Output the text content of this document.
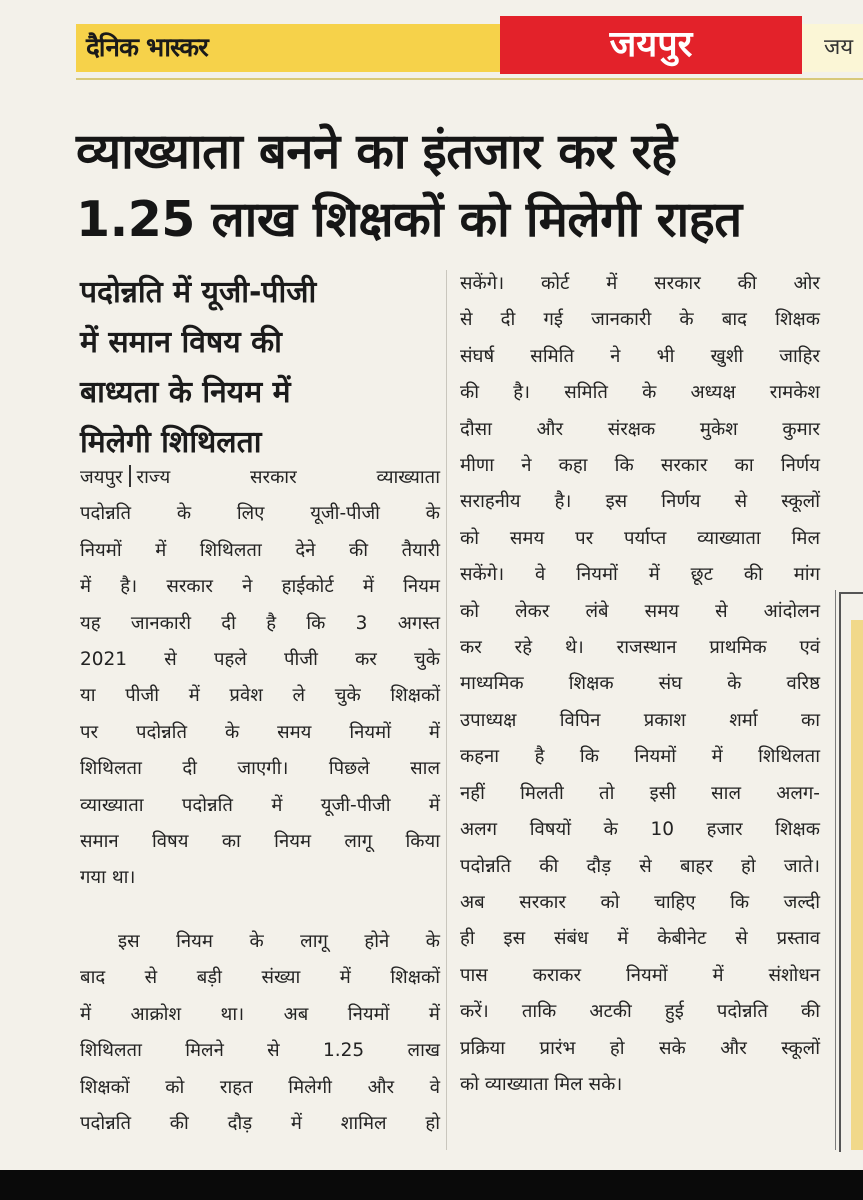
दैनिक भास्कर	जयपुर	जय
व्याख्याता बनने का इंतजार कर रहे
1.25 लाख शिक्षकों को मिलेगी राहत
पदोन्नति में यूजी-पीजी
में समान विषय की
बाध्यता के नियम में
मिलेगी शिथिलता
जयपुर राज्य सरकार व्याख्याता
पदोन्नति के लिए यूजी-पीजी के
नियमों में शिथिलता देने की तैयारी
में है। सरकार ने हाईकोर्ट में नियम
यह जानकारी दी है कि 3 अगस्त
2021 से पहले पीजी कर चुके
या पीजी में प्रवेश ले चुके शिक्षकों
पर पदोन्नति के समय नियमों में
शिथिलता दी जाएगी। पिछले साल
व्याख्याता पदोन्नति में यूजी-पीजी में
समान विषय का नियम लागू किया
गया था।
इस नियम के लागू होने के
बाद से बड़ी संख्या में शिक्षकों
में आक्रोश था। अब नियमों में
शिथिलता मिलने से 1.25 लाख
शिक्षकों को राहत मिलेगी और वे
पदोन्नति की दौड़ में शामिल हो
सकेंगे। कोर्ट में सरकार की ओर
से दी गई जानकारी के बाद शिक्षक
संघर्ष समिति ने भी खुशी जाहिर
की है। समिति के अध्यक्ष रामकेश
दौसा और संरक्षक मुकेश कुमार
मीणा ने कहा कि सरकार का निर्णय
सराहनीय है। इस निर्णय से स्कूलों
को समय पर पर्याप्त व्याख्याता मिल
सकेंगे। वे नियमों में छूट की मांग
को लेकर लंबे समय से आंदोलन
कर रहे थे। राजस्थान प्राथमिक एवं
माध्यमिक शिक्षक संघ के वरिष्ठ
उपाध्यक्ष विपिन प्रकाश शर्मा का
कहना है कि नियमों में शिथिलता
नहीं मिलती तो इसी साल अलग-
अलग विषयों के 10 हजार शिक्षक
पदोन्नति की दौड़ से बाहर हो जाते।
अब सरकार को चाहिए कि जल्दी
ही इस संबंध में केबीनेट से प्रस्ताव
पास कराकर नियमों में संशोधन
करें। ताकि अटकी हुई पदोन्नति की
प्रक्रिया प्रारंभ हो सके और स्कूलों
को व्याख्याता मिल सके।
